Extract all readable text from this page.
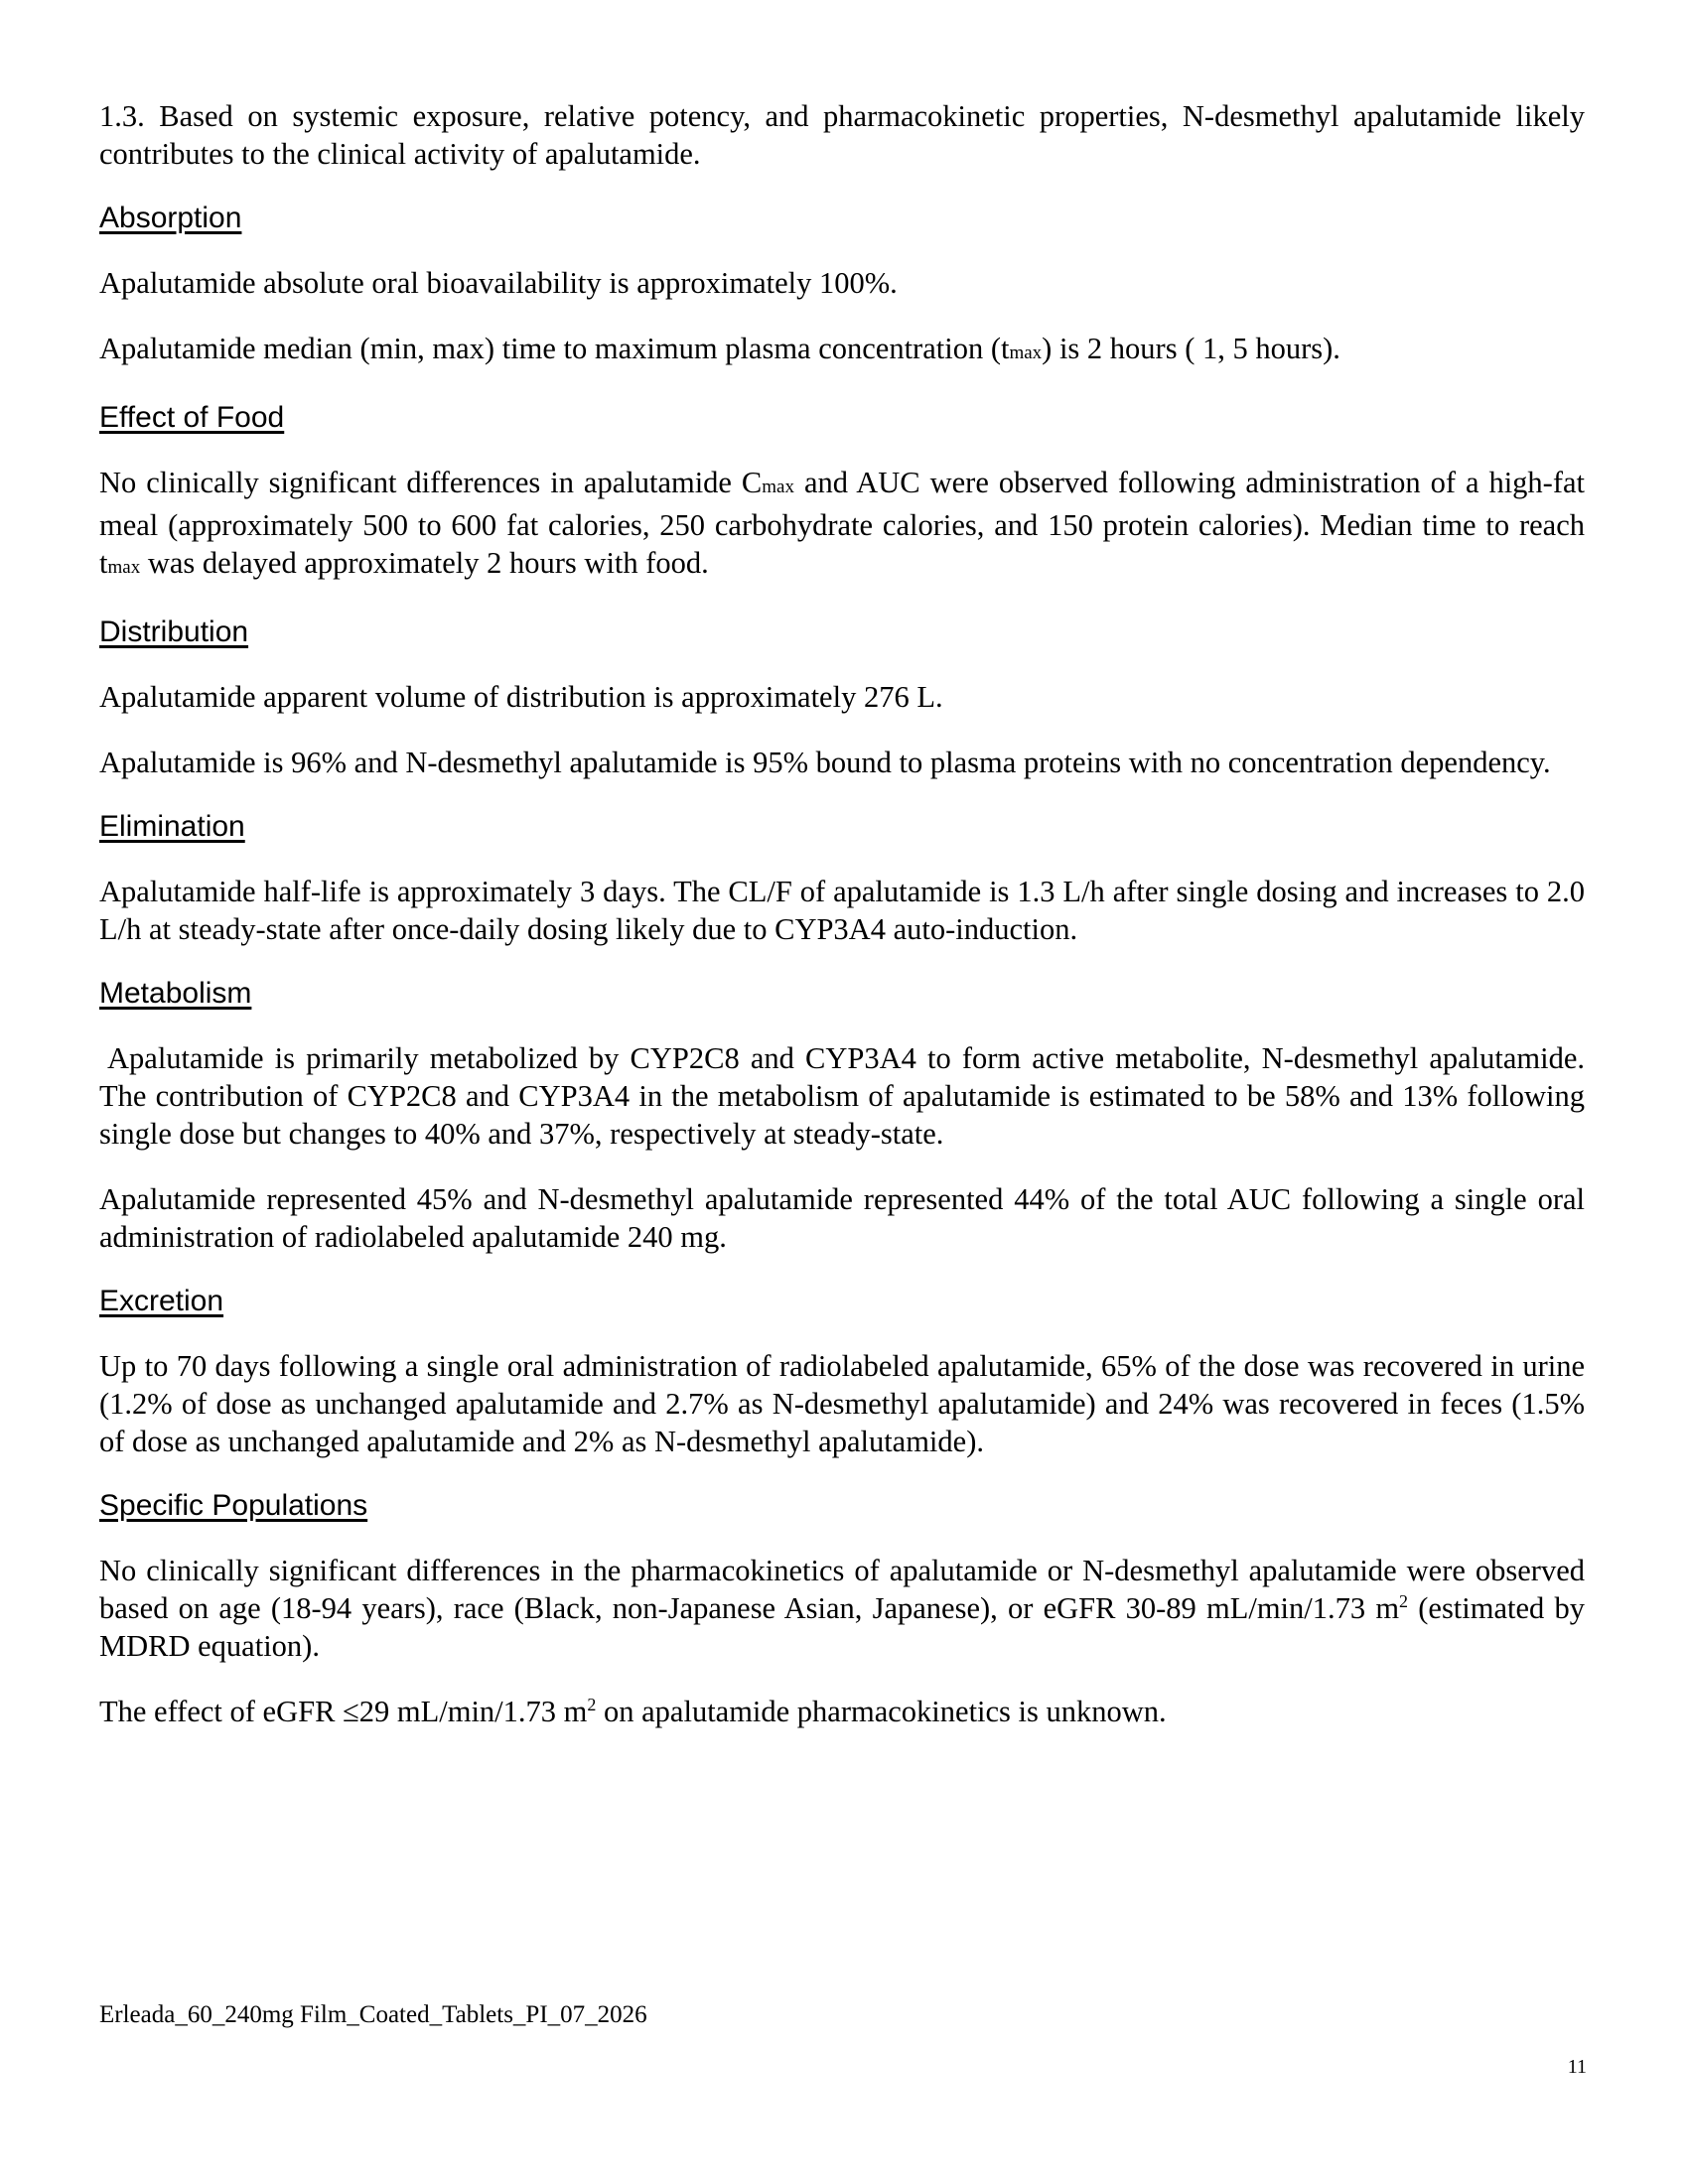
1.3. Based on systemic exposure, relative potency, and pharmacokinetic properties, N-desmethyl apalutamide likely contributes to the clinical activity of apalutamide.

Absorption

Apalutamide absolute oral bioavailability is approximately 100%.

Apalutamide median (min, max) time to maximum plasma concentration (tmax) is 2 hours ( 1, 5 hours).

Effect of Food

No clinically significant differences in apalutamide Cmax and AUC were observed following administration of a high-fat meal (approximately 500 to 600 fat calories, 250 carbohydrate calories, and 150 protein calories). Median time to reach tmax was delayed approximately 2 hours with food.

Distribution

Apalutamide apparent volume of distribution is approximately 276 L.

Apalutamide is 96% and N-desmethyl apalutamide is 95% bound to plasma proteins with no concentration dependency.

Elimination

Apalutamide half-life is approximately 3 days. The CL/F of apalutamide is 1.3 L/h after single dosing and increases to 2.0 L/h at steady-state after once-daily dosing likely due to CYP3A4 auto-induction.

Metabolism

Apalutamide is primarily metabolized by CYP2C8 and CYP3A4 to form active metabolite, N-desmethyl apalutamide. The contribution of CYP2C8 and CYP3A4 in the metabolism of apalutamide is estimated to be 58% and 13% following single dose but changes to 40% and 37%, respectively at steady-state.

Apalutamide represented 45% and N-desmethyl apalutamide represented 44% of the total AUC following a single oral administration of radiolabeled apalutamide 240 mg.

Excretion

Up to 70 days following a single oral administration of radiolabeled apalutamide, 65% of the dose was recovered in urine (1.2% of dose as unchanged apalutamide and 2.7% as N-desmethyl apalutamide) and 24% was recovered in feces (1.5% of dose as unchanged apalutamide and 2% as N-desmethyl apalutamide).

Specific Populations

No clinically significant differences in the pharmacokinetics of apalutamide or N-desmethyl apalutamide were observed based on age (18-94 years), race (Black, non-Japanese Asian, Japanese), or eGFR 30-89 mL/min/1.73 $m^2$ (estimated by MDRD equation).

The effect of eGFR ≤29 mL/min/1.73 $m^2$ on apalutamide pharmacokinetics is unknown.

Erleada_60_240mg Film_Coated_Tablets_PI_07_2026
11
